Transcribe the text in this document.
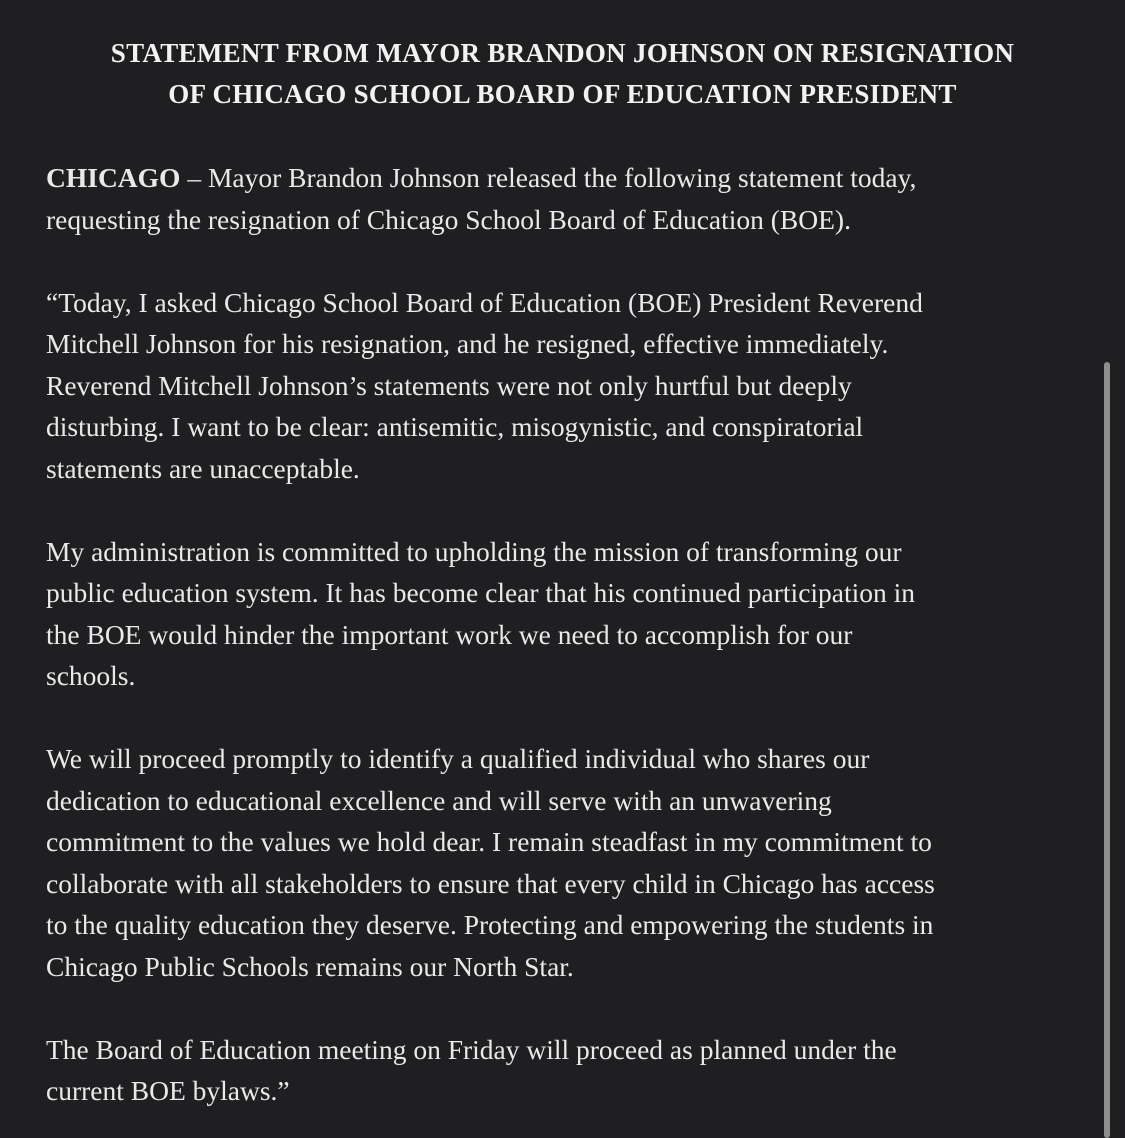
STATEMENT FROM MAYOR BRANDON JOHNSON ON RESIGNATION
OF CHICAGO SCHOOL BOARD OF EDUCATION PRESIDENT

CHICAGO – Mayor Brandon Johnson released the following statement today,
requesting the resignation of Chicago School Board of Education (BOE).

“Today, I asked Chicago School Board of Education (BOE) President Reverend
Mitchell Johnson for his resignation, and he resigned, effective immediately.
Reverend Mitchell Johnson’s statements were not only hurtful but deeply
disturbing. I want to be clear: antisemitic, misogynistic, and conspiratorial
statements are unacceptable.

My administration is committed to upholding the mission of transforming our
public education system. It has become clear that his continued participation in
the BOE would hinder the important work we need to accomplish for our
schools.

We will proceed promptly to identify a qualified individual who shares our
dedication to educational excellence and will serve with an unwavering
commitment to the values we hold dear. I remain steadfast in my commitment to
collaborate with all stakeholders to ensure that every child in Chicago has access
to the quality education they deserve. Protecting and empowering the students in
Chicago Public Schools remains our North Star.

The Board of Education meeting on Friday will proceed as planned under the
current BOE bylaws.”
